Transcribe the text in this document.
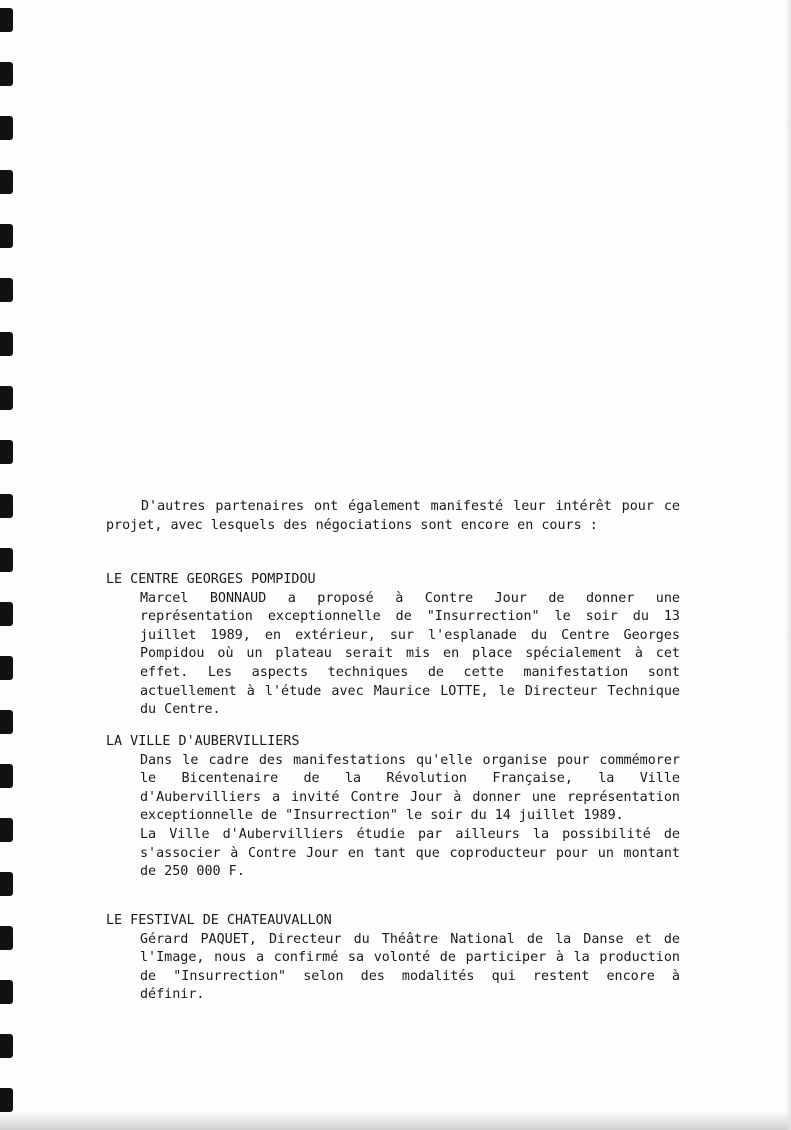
D'autres partenaires ont également manifesté leur intérêt pour ce projet, avec lesquels des négociations sont encore en cours :

LE CENTRE GEORGES POMPIDOU

Marcel BONNAUD a proposé à Contre Jour de donner une représentation exceptionnelle de "Insurrection" le soir du 13 juillet 1989, en extérieur, sur l'esplanade du Centre Georges Pompidou où un plateau serait mis en place spécialement à cet effet. Les aspects techniques de cette manifestation sont actuellement à l'étude avec Maurice LOTTE, le Directeur Technique du Centre.

LA VILLE D'AUBERVILLIERS

Dans le cadre des manifestations qu'elle organise pour commémorer le Bicentenaire de la Révolution Française, la Ville d'Aubervilliers a invité Contre Jour à donner une représentation exceptionnelle de "Insurrection" le soir du 14 juillet 1989.

La Ville d'Aubervilliers étudie par ailleurs la possibilité de s'associer à Contre Jour en tant que coproducteur pour un montant de 250 000 F.

LE FESTIVAL DE CHATEAUVALLON

Gérard PAQUET, Directeur du Théâtre National de la Danse et de l'Image, nous a confirmé sa volonté de participer à la production de "Insurrection" selon des modalités qui restent encore à définir.
